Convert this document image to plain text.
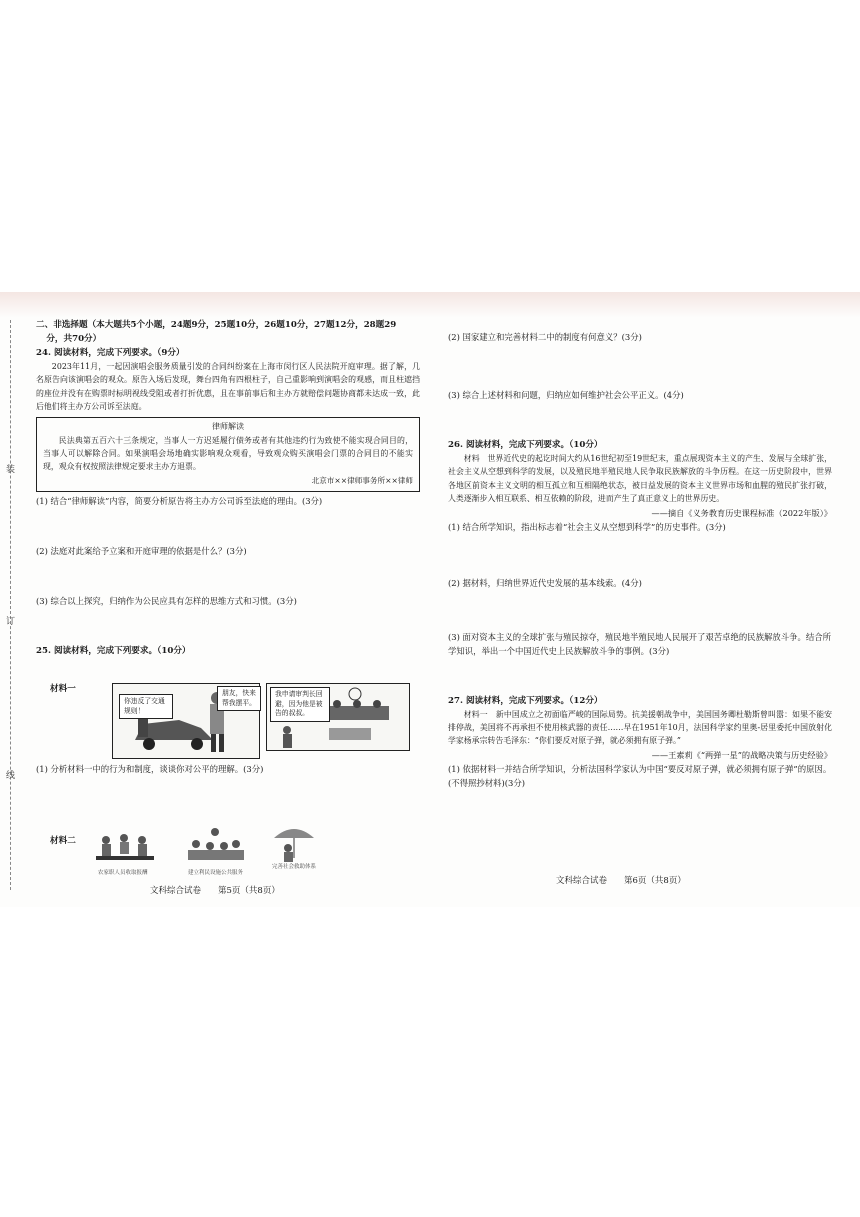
装
订
线

二、非选择题（本大题共5个小题，24题9分，25题10分，26题10分，27题12分，28题29

分，共70分）

24. 阅读材料，完成下列要求。（9分）

2023年11月，一起因演唱会服务质量引发的合同纠纷案在上海市闵行区人民法院开庭审理。据了解，几名原告向该演唱会的观众。原告入场后发现，舞台四角有四根柱子，自己重影响到演唱会的观感，而且柱遮挡的座位并没有在购票时标明视线受阻或者打折优惠，且在事前事后和主办方就赔偿问题协商都未达成一致，此后他们将主办方公司诉至法庭。

律师解读

民法典第五百六十三条规定，当事人一方迟延履行债务或者有其他违约行为致使不能实现合同目的，当事人可以解除合同。如果演唱会场地确实影响观众观看，导致观众购买演唱会门票的合同目的不能实现，观众有权按照法律规定要求主办方退票。

北京市××律师事务所××律师

(1) 结合“律师解读”内容，简要分析原告将主办方公司诉至法庭的理由。(3分)

(2) 法庭对此案给予立案和开庭审理的依据是什么？(3分)

(3) 综合以上探究，归纳作为公民应具有怎样的思维方式和习惯。(3分)

25. 阅读材料，完成下列要求。（10分）

材料一
你违反了交通规则！
朋友，快来帮我摆平。
我申请审判长回避，因为他是被告的叔叔。

(1) 分析材料一中的行为和制度，谈谈你对公平的理解。(3分)

材料二
农家职人员收取报酬	建立利民设施公共服务
完善社会救助体系
文科综合试卷　　第5页（共8页）

(2) 国家建立和完善材料二中的制度有何意义？(3分)

(3) 综合上述材料和问题，归纳应如何维护社会公平正义。(4分)

26. 阅读材料，完成下列要求。（10分）

材料　世界近代史的起讫时间大约从16世纪初至19世纪末，重点展现资本主义的产生、发展与全球扩张，社会主义从空想到科学的发展，以及殖民地半殖民地人民争取民族解放的斗争历程。在这一历史阶段中，世界各地区前资本主义文明的相互孤立和互相隔绝状态，被日益发展的资本主义世界市场和血腥的殖民扩张打破，人类逐渐步入相互联系、相互依赖的阶段，进而产生了真正意义上的世界历史。

——摘自《义务教育历史课程标准（2022年版）》

(1) 结合所学知识，指出标志着“社会主义从空想到科学”的历史事件。(3分)

(2) 据材料，归纳世界近代史发展的基本线索。(4分)

(3) 面对资本主义的全球扩张与殖民掠夺，殖民地半殖民地人民展开了艰苦卓绝的民族解放斗争。结合所学知识，举出一个中国近代史上民族解放斗争的事例。(3分)

27. 阅读材料，完成下列要求。（12分）

材料一　新中国成立之初面临严峻的国际局势。抗美援朝战争中，美国国务卿杜勒斯曾叫嚣：如果不能安排停战，美国将不再承担不使用核武器的责任……早在1951年10月，法国科学家约里奥-居里委托中国放射化学家杨承宗转告毛泽东：“你们要反对原子弹，就必须拥有原子弹。”

——王素莉《“两弹一星”的战略决策与历史经验》

(1) 依据材料一并结合所学知识，分析法国科学家认为中国“要反对原子弹，就必须拥有原子弹”的原因。(不得照抄材料)(3分)

文科综合试卷　　第6页（共8页）
